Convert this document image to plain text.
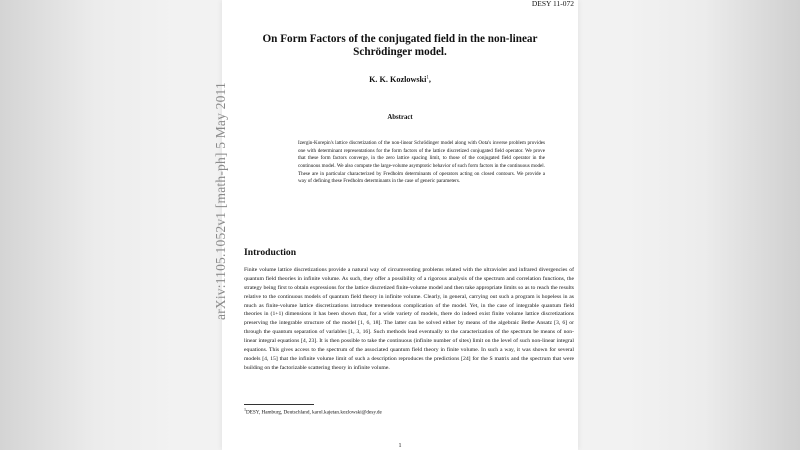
DESY 11-072
arXiv:1105.1052v1 [math-ph] 5 May 2011
On Form Factors of the conjugated field in the non-linear Schrödinger model.
K. K. Kozlowski$^1$,
Abstract
Izergin-Korepin's lattice discretization of the non-linear Schrödinger model along with Oota's inverse problem provides one with determinant representations for the form factors of the lattice discretized conjugated field operator. We prove that these form factors converge, in the zero lattice spacing limit, to those of the conjugated field operator in the continuous model. We also compute the large-volume asymptotic behavior of such form factors in the continuous model. These are in particular characterized by Fredholm determinants of operators acting on closed contours. We provide a way of defining these Fredholm determinants in the case of generic parameters.
Introduction
Finite volume lattice discretizations provide a natural way of circumventing problems related with the ultraviolet and infrared divergencies of quantum field theories in infinite volume. As such, they offer a possibility of a rigorous analysis of the spectrum and correlation functions, the strategy being first to obtain expressions for the lattice discretized finite-volume model and then take appropriate limits so as to reach the results relative to the continuous models of quantum field theory in infinite volume. Clearly, in general, carrying out such a program is hopeless in as much as finite-volume lattice discretizations introduce tremendous complication of the model. Yet, in the case of integrable quantum field theories in (1+1) dimensions it has been shown that, for a wide variety of models, there do indeed exist finite volume lattice discretizations preserving the integrable structure of the model [1, 6, 18]. The latter can be solved either by means of the algebraic Bethe Ansatz [3, 6] or through the quantum separation of variables [1, 3, 16]. Such methods lead eventually to the caracterization of the spectrum be means of non-linear integral equations [4, 23]. It is then possible to take the continuous (infinite number of sites) limit on the level of such non-linear integral equations. This gives access to the spectrum of the associated quantum field theory in finite volume. In such a way, it was shown for several models [4, 15] that the infinite volume limit of such a description reproduces the predictions [24] for the S matrix and the spectrum that were building on the factorizable scattering theory in infinite volume.
$^1$DESY, Hamburg, Deutschland, karol.kajetan.kozlowski@desy.de
1
